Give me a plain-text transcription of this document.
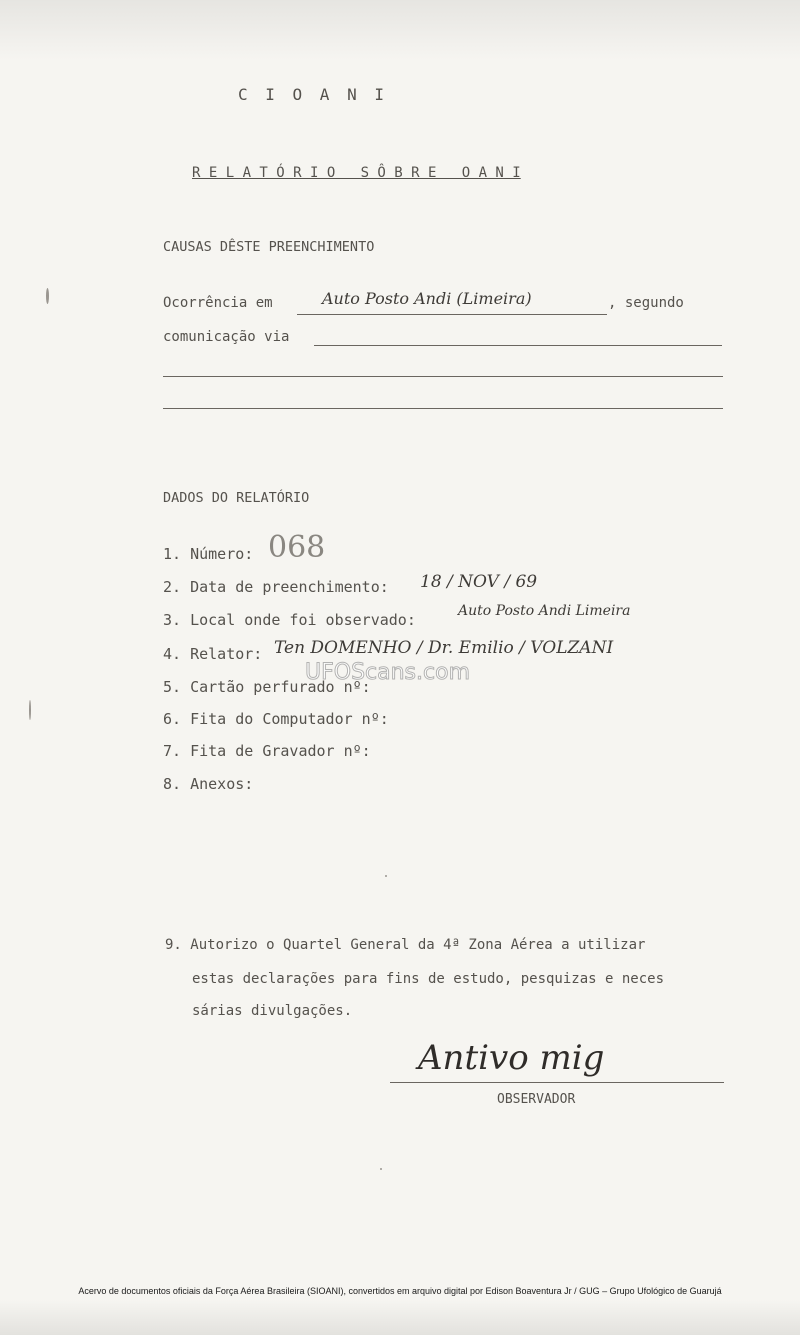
C I O A N I
R E L A T Ó R I O   S Ô B R E   O A N I
CAUSAS DÊSTE PREENCHIMENTO
Ocorrência em	Auto Posto Andi (Limeira)	, segundo
comunicação via
DADOS DO RELATÓRIO
1. Número: 068
2. Data de preenchimento: 18 / NOV / 69
3. Local onde foi observado:	Auto Posto Andi Limeira
4. Relator: Ten DOMENHO / Dr. Emilio / VOLZANI
5. Cartão perfurado nº:
6. Fita do Computador nº:
7. Fita de Gravador nº:
8. Anexos:
UFOScans.com
9. Autorizo o Quartel General da 4ª Zona Aérea a utilizar
estas declarações para fins de estudo, pesquizas e neces
sárias divulgações.
Antivo mig
OBSERVADOR
Acervo de documentos oficiais da Força Aérea Brasileira (SIOANI), convertidos em arquivo digital por Edison Boaventura Jr / GUG – Grupo Ufológico de Guarujá
